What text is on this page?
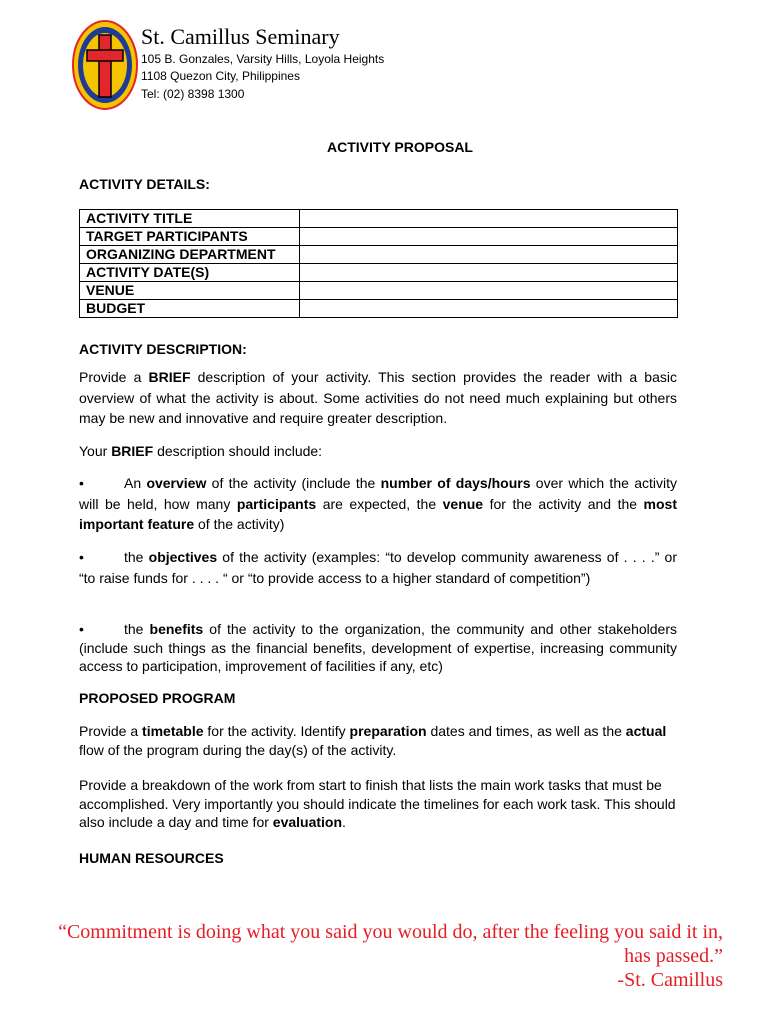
St. Camillus Seminary
105 B. Gonzales, Varsity Hills, Loyola Heights
1108 Quezon City, Philippines
Tel: (02) 8398 1300
ACTIVITY PROPOSAL
ACTIVITY DETAILS:
ACTIVITY TITLE	
TARGET PARTICIPANTS	
ORGANIZING DEPARTMENT	
ACTIVITY DATE(S)	
VENUE	
BUDGET	
ACTIVITY DESCRIPTION:
Provide a BRIEF description of your activity. This section provides the reader with a basic overview of what the activity is about. Some activities do not need much explaining but others may be new and innovative and require greater description.
Your BRIEF description should include:
•	An overview of the activity (include the number of days/hours over which the activity will be held, how many participants are expected, the venue for the activity and the most important feature of the activity)
•	the objectives of the activity (examples: “to develop community awareness of . . . .” or “to raise funds for . . . . “ or “to provide access to a higher standard of competition”)
•	the benefits of the activity to the organization, the community and other stakeholders (include such things as the financial benefits, development of expertise, increasing community access to participation, improvement of facilities if any, etc)
PROPOSED PROGRAM
Provide a timetable for the activity. Identify preparation dates and times, as well as the actual flow of the program during the day(s) of the activity.
Provide a breakdown of the work from start to finish that lists the main work tasks that must be accomplished. Very importantly you should indicate the timelines for each work task. This should also include a day and time for evaluation.
HUMAN RESOURCES
“Commitment is doing what you said you would do, after the feeling you said it in,
has passed.”
-St. Camillus
